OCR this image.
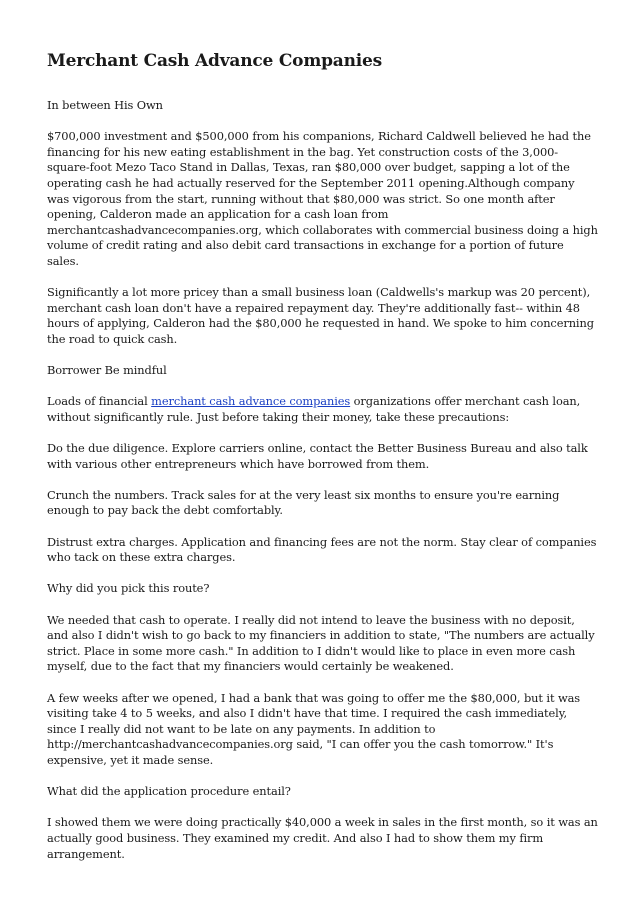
Merchant Cash Advance Companies

In between His Own

$700,000 investment and $500,000 from his companions, Richard Caldwell believed he had the financing for his new eating establishment in the bag. Yet construction costs of the 3,000-square-foot Mezo Taco Stand in Dallas, Texas, ran $80,000 over budget, sapping a lot of the operating cash he had actually reserved for the September 2011 opening.Although company was vigorous from the start, running without that $80,000 was strict. So one month after opening, Calderon made an application for a cash loan from merchantcashadvancecompanies.org, which collaborates with commercial business doing a high volume of credit rating and also debit card transactions in exchange for a portion of future sales.

Significantly a lot more pricey than a small business loan (Caldwells's markup was 20 percent), merchant cash loan don't have a repaired repayment day. They're additionally fast-- within 48 hours of applying, Calderon had the $80,000 he requested in hand. We spoke to him concerning the road to quick cash.

Borrower Be mindful

Loads of financial merchant cash advance companies organizations offer merchant cash loan, without significantly rule. Just before taking their money, take these precautions:

Do the due diligence. Explore carriers online, contact the Better Business Bureau and also talk with various other entrepreneurs which have borrowed from them.

Crunch the numbers. Track sales for at the very least six months to ensure you're earning enough to pay back the debt comfortably.

Distrust extra charges. Application and financing fees are not the norm. Stay clear of companies who tack on these extra charges.

Why did you pick this route?

We needed that cash to operate. I really did not intend to leave the business with no deposit, and also I didn't wish to go back to my financiers in addition to state, "The numbers are actually strict. Place in some more cash." In addition to I didn't would like to place in even more cash myself, due to the fact that my financiers would certainly be weakened.

A few weeks after we opened, I had a bank that was going to offer me the $80,000, but it was visiting take 4 to 5 weeks, and also I didn't have that time. I required the cash immediately, since I really did not want to be late on any payments. In addition to http://merchantcashadvancecompanies.org said, "I can offer you the cash tomorrow." It's expensive, yet it made sense.

What did the application procedure entail?

I showed them we were doing practically $40,000 a week in sales in the first month, so it was an actually good business. They examined my credit. And also I had to show them my firm arrangement.
